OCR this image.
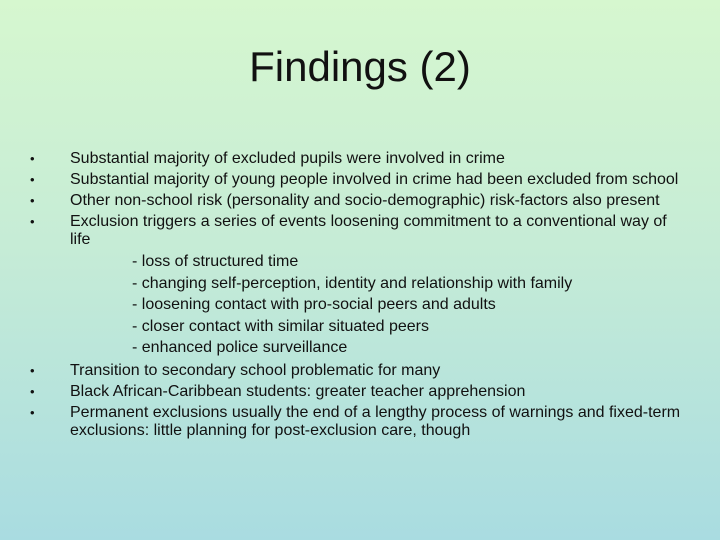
Findings (2)
• Substantial majority of excluded pupils were involved in crime
• Substantial majority of young people involved in crime had been excluded from school
• Other non-school risk (personality and socio-demographic) risk-factors also present
• Exclusion triggers a series of events loosening commitment to a conventional way of life
- loss of structured time
- changing self-perception, identity and relationship with family
- loosening contact with pro-social peers and adults
- closer contact with similar situated peers
- enhanced police surveillance
• Transition to secondary school problematic for many
• Black African-Caribbean students: greater teacher apprehension
• Permanent exclusions usually the end of a lengthy process of warnings and fixed-term exclusions: little planning for post-exclusion care, though
